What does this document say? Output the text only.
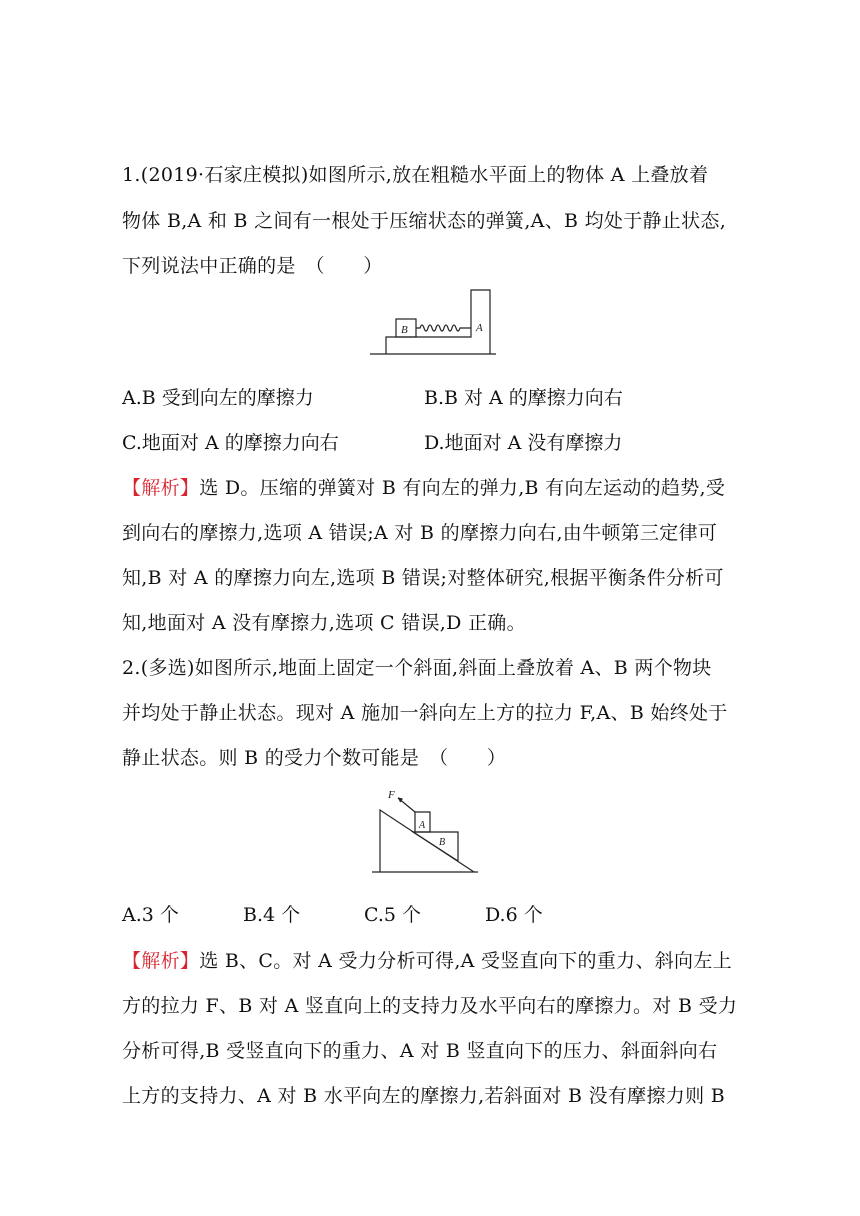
1.(2019·石家庄模拟)如图所示,放在粗糙水平面上的物体 A 上叠放着
物体 B,A 和 B 之间有一根处于压缩状态的弹簧,A、B 均处于静止状态,
下列说法中正确的是　（　　）
B	A
A.B 受到向左的摩擦力	B.B 对 A 的摩擦力向右
C.地面对 A 的摩擦力向右	D.地面对 A 没有摩擦力
【解析】选 D。压缩的弹簧对 B 有向左的弹力,B 有向左运动的趋势,受
到向右的摩擦力,选项 A 错误;A 对 B 的摩擦力向右,由牛顿第三定律可
知,B 对 A 的摩擦力向左,选项 B 错误;对整体研究,根据平衡条件分析可
知,地面对 A 没有摩擦力,选项 C 错误,D 正确。
2.(多选)如图所示,地面上固定一个斜面,斜面上叠放着 A、B 两个物块
并均处于静止状态。现对 A 施加一斜向左上方的拉力 F,A、B 始终处于
静止状态。则 B 的受力个数可能是　（　　）
F
A
B
A.3 个	B.4 个	C.5 个	D.6 个
【解析】选 B、C。对 A 受力分析可得,A 受竖直向下的重力、斜向左上
方的拉力 F、B 对 A 竖直向上的支持力及水平向右的摩擦力。对 B 受力
分析可得,B 受竖直向下的重力、A 对 B 竖直向下的压力、斜面斜向右
上方的支持力、A 对 B 水平向左的摩擦力,若斜面对 B 没有摩擦力则 B
